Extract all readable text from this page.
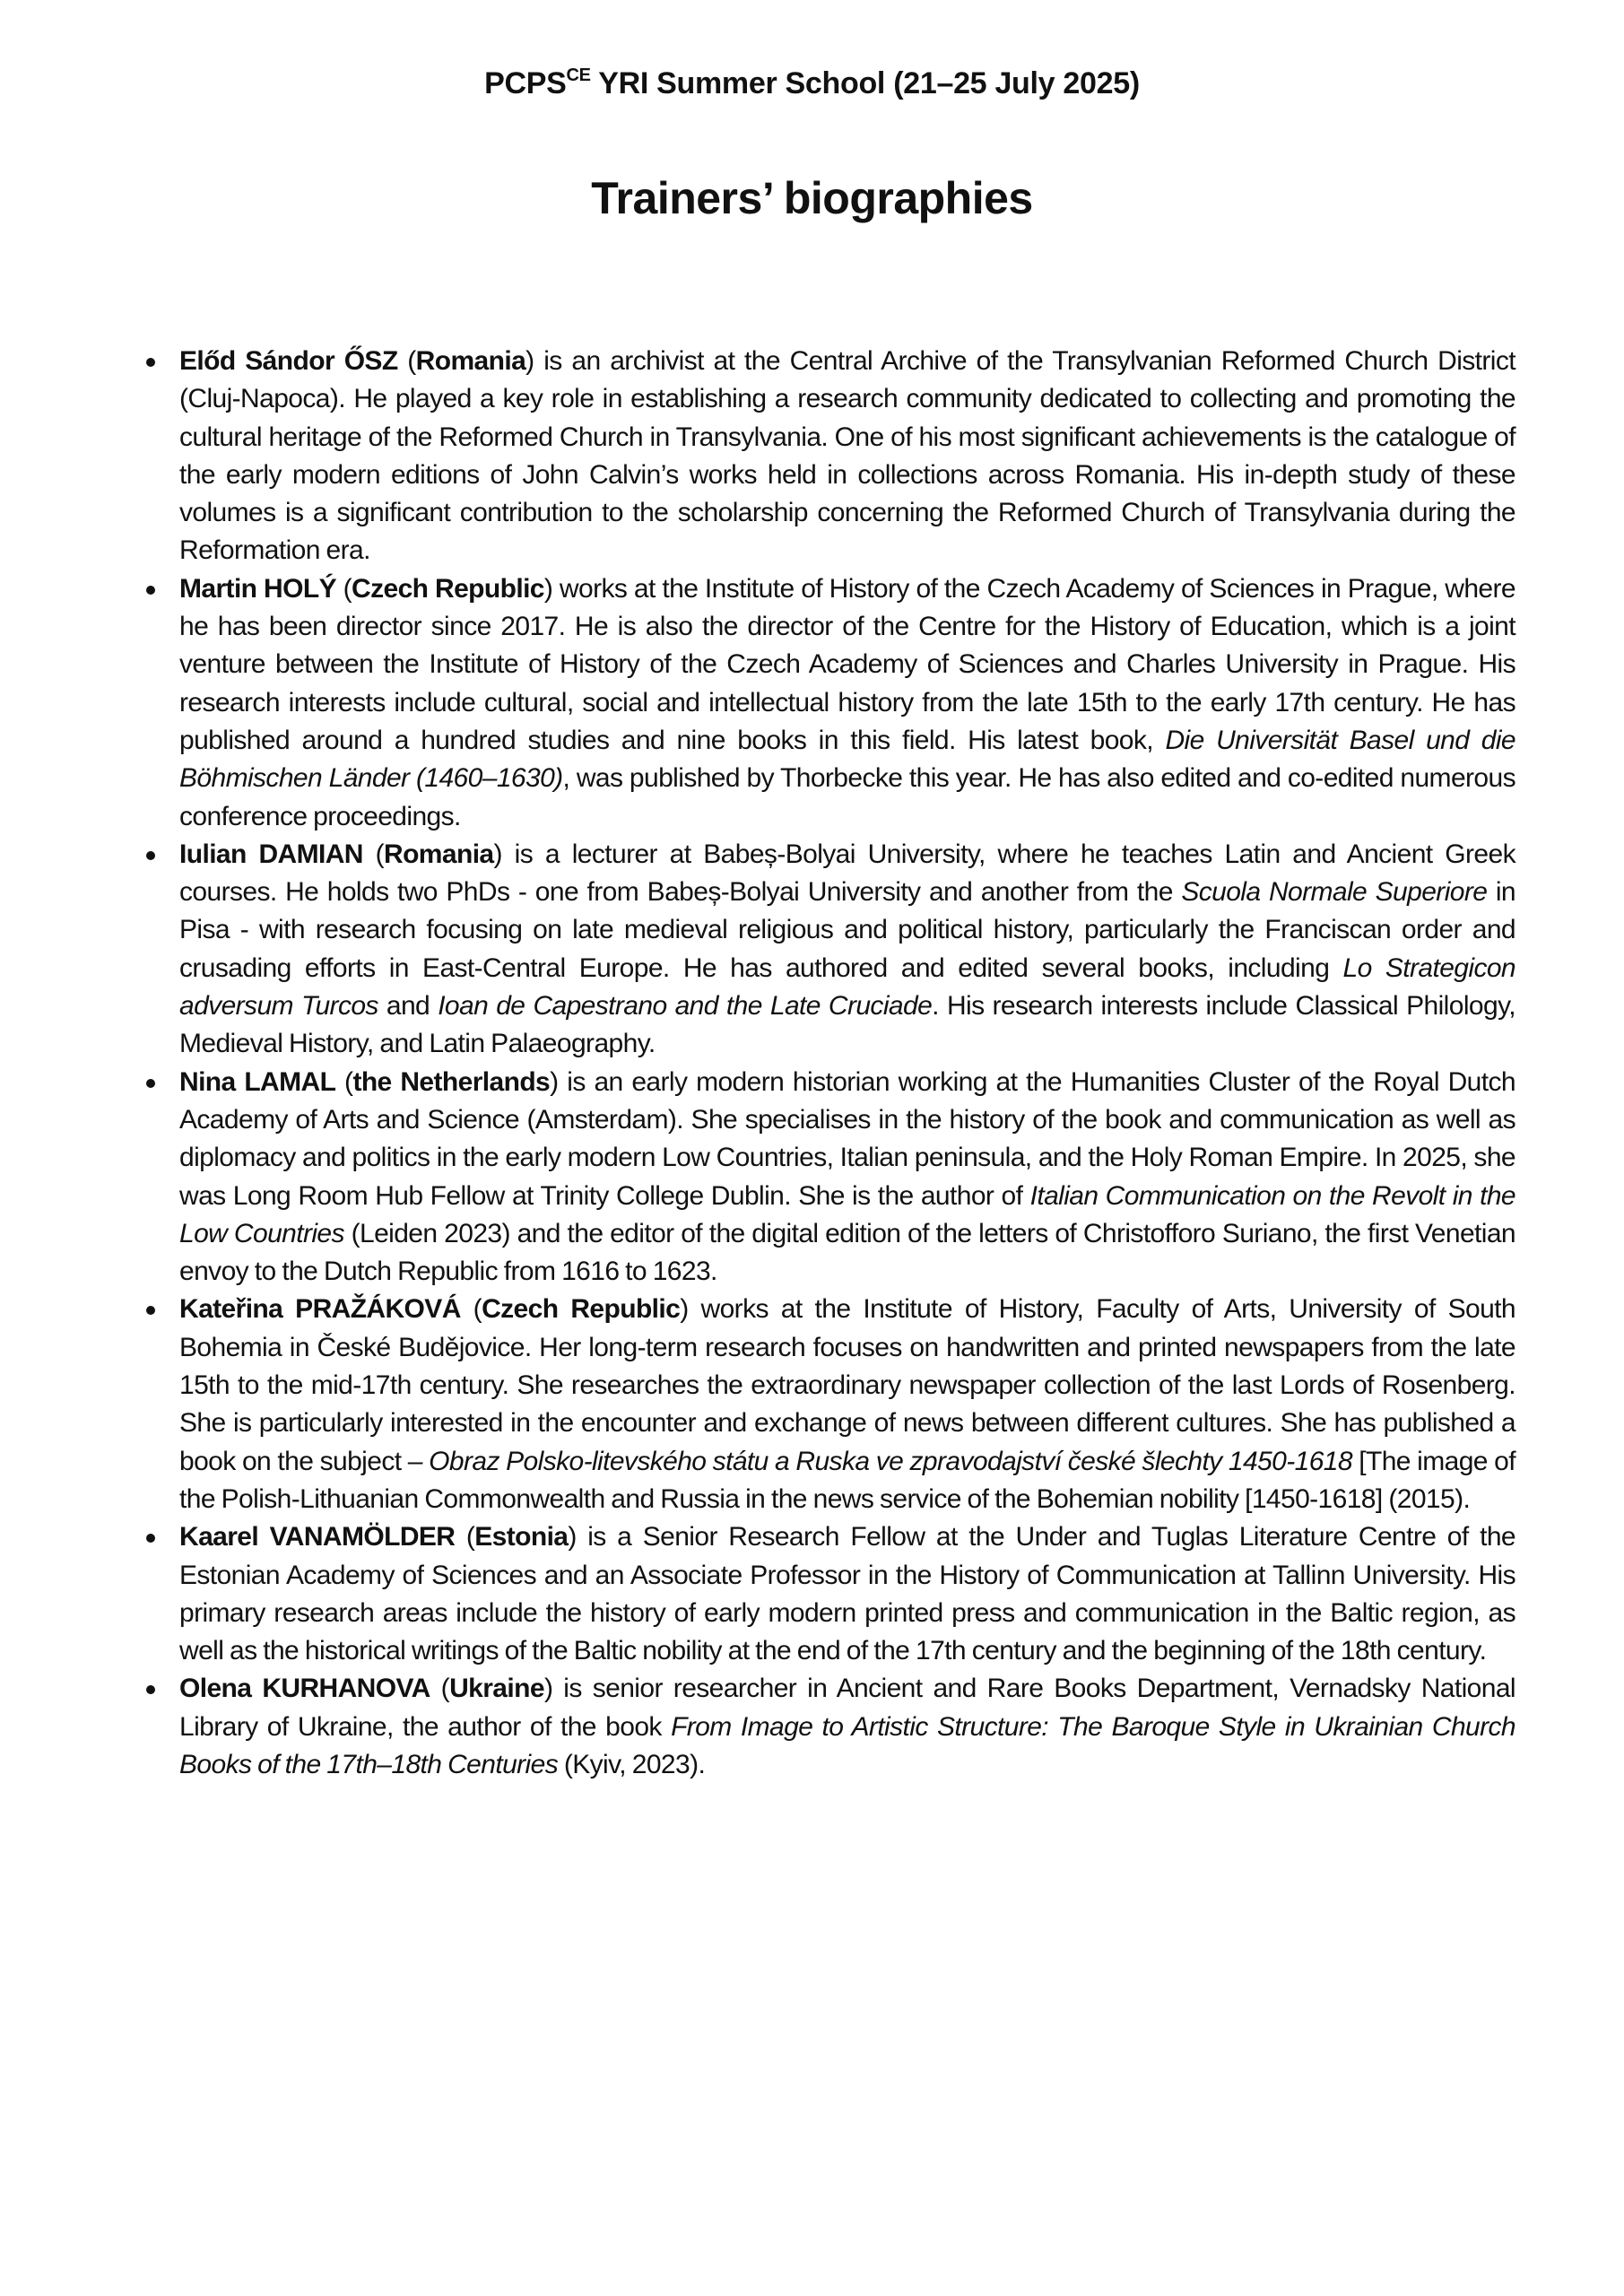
$PCPS^{CE}$ YRI Summer School (21–25 July 2025)
Trainers’ biographies
Előd Sándor ŐSZ (Romania) is an archivist at the Central Archive of the Transylvanian Reformed Church District (Cluj-Napoca). He played a key role in establishing a research community dedicated to collecting and promoting the cultural heritage of the Reformed Church in Transylvania. One of his most significant achievements is the catalogue of the early modern editions of John Calvin’s works held in collections across Romania. His in-depth study of these volumes is a significant contribution to the scholarship concerning the Reformed Church of Transylvania during the Reformation era.
Martin HOLÝ (Czech Republic) works at the Institute of History of the Czech Academy of Sciences in Prague, where he has been director since 2017. He is also the director of the Centre for the History of Education, which is a joint venture between the Institute of History of the Czech Academy of Sciences and Charles University in Prague. His research interests include cultural, social and intellectual history from the late 15th to the early 17th century. He has published around a hundred studies and nine books in this field. His latest book, Die Universität Basel und die Böhmischen Länder (1460–1630), was published by Thorbecke this year. He has also edited and co-edited numerous conference proceedings.
Iulian DAMIAN (Romania) is a lecturer at Babeș-Bolyai University, where he teaches Latin and Ancient Greek courses. He holds two PhDs - one from Babeș-Bolyai University and another from the Scuola Normale Superiore in Pisa - with research focusing on late medieval religious and political history, particularly the Franciscan order and crusading efforts in East-Central Europe. He has authored and edited several books, including Lo Strategicon adversum Turcos and Ioan de Capestrano and the Late Cruciade. His research interests include Classical Philology, Medieval History, and Latin Palaeography.
Nina LAMAL (the Netherlands) is an early modern historian working at the Humanities Cluster of the Royal Dutch Academy of Arts and Science (Amsterdam). She specialises in the history of the book and communication as well as diplomacy and politics in the early modern Low Countries, Italian peninsula, and the Holy Roman Empire. In 2025, she was Long Room Hub Fellow at Trinity College Dublin. She is the author of Italian Communication on the Revolt in the Low Countries (Leiden 2023) and the editor of the digital edition of the letters of Christofforo Suriano, the first Venetian envoy to the Dutch Republic from 1616 to 1623.
Kateřina PRAŽÁKOVÁ (Czech Republic) works at the Institute of History, Faculty of Arts, University of South Bohemia in České Budějovice. Her long-term research focuses on handwritten and printed newspapers from the late 15th to the mid-17th century. She researches the extraordinary newspaper collection of the last Lords of Rosenberg. She is particularly interested in the encounter and exchange of news between different cultures. She has published a book on the subject – Obraz Polsko-litevského státu a Ruska ve zpravodajství české šlechty 1450-1618 [The image of the Polish-Lithuanian Commonwealth and Russia in the news service of the Bohemian nobility [1450-1618] (2015).
Kaarel VANAMÖLDER (Estonia) is a Senior Research Fellow at the Under and Tuglas Literature Centre of the Estonian Academy of Sciences and an Associate Professor in the History of Communication at Tallinn University. His primary research areas include the history of early modern printed press and communication in the Baltic region, as well as the historical writings of the Baltic nobility at the end of the 17th century and the beginning of the 18th century.
Olena KURHANOVA (Ukraine) is senior researcher in Ancient and Rare Books Department, Vernadsky National Library of Ukraine, the author of the book From Image to Artistic Structure: The Baroque Style in Ukrainian Church Books of the 17th–18th Centuries (Kyiv, 2023).
